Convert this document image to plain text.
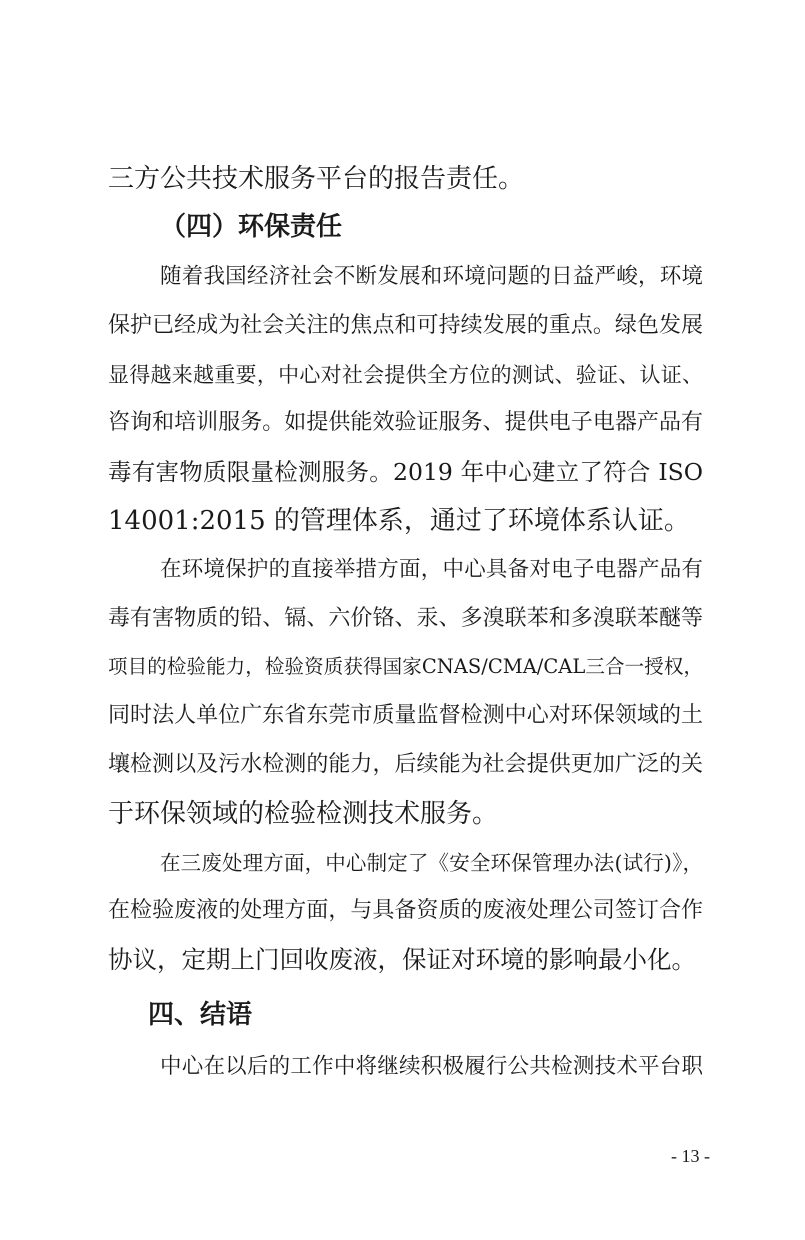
三方公共技术服务平台的报告责任。

（四）环保责任

随着我国经济社会不断发展和环境问题的日益严峻，环境

保护已经成为社会关注的焦点和可持续发展的重点。绿色发展

显得越来越重要，中心对社会提供全方位的测试、验证、认证、

咨询和培训服务。如提供能效验证服务、提供电子电器产品有

毒有害物质限量检测服务。2019 年中心建立了符合 ISO

14001:2015 的管理体系，通过了环境体系认证。

在环境保护的直接举措方面，中心具备对电子电器产品有

毒有害物质的铅、镉、六价铬、汞、多溴联苯和多溴联苯醚等

项目的检验能力，检验资质获得国家CNAS/CMA/CAL三合一授权，

同时法人单位广东省东莞市质量监督检测中心对环保领域的土

壤检测以及污水检测的能力，后续能为社会提供更加广泛的关

于环保领域的检验检测技术服务。

在三废处理方面，中心制定了《安全环保管理办法(试行)》，

在检验废液的处理方面，与具备资质的废液处理公司签订合作

协议，定期上门回收废液，保证对环境的影响最小化。

四、结语

中心在以后的工作中将继续积极履行公共检测技术平台职

- 13 -
